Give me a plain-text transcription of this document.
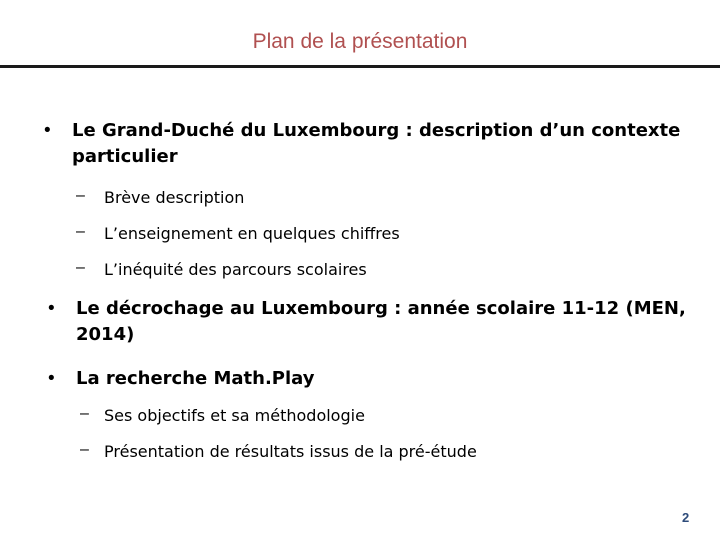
Plan de la présentation
• Le Grand-Duché du Luxembourg : description d’un contexte particulier
– Brève description
– L’enseignement en quelques chiffres
– L’inéquité des parcours scolaires
• Le décrochage au Luxembourg : année scolaire 11-12 (MEN, 2014)
• La recherche Math.Play
– Ses objectifs et sa méthodologie
– Présentation de résultats issus de la pré-étude
2
